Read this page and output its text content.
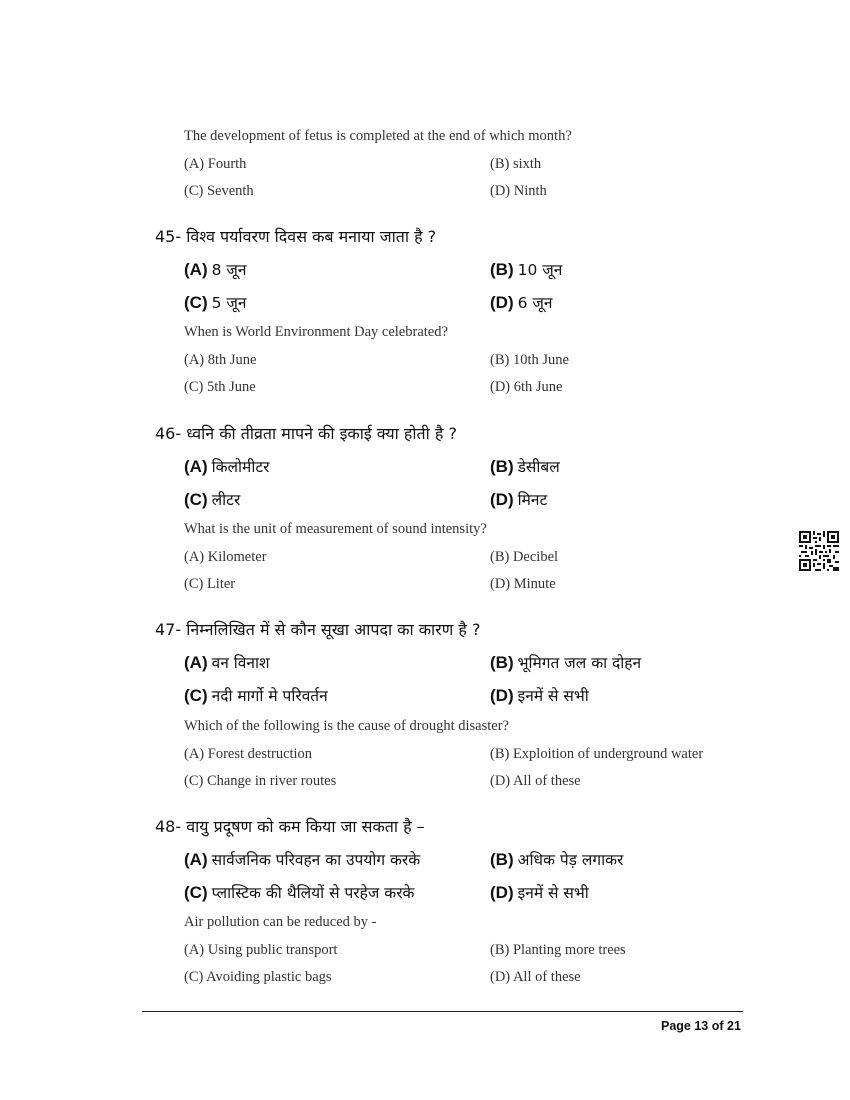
The development of fetus is completed at the end of which month?
(A) Fourth	(B) sixth
(C) Seventh	(D) Ninth
45- विश्व पर्यावरण दिवस कब मनाया जाता है ?
(A) 8 जून	(B) 10 जून
(C) 5 जून	(D) 6 जून
When is World Environment Day celebrated?
(A) 8th June	(B) 10th June
(C) 5th June	(D) 6th June
46- ध्वनि की तीव्रता मापने की इकाई क्या होती है ?
(A) किलोमीटर	(B) डेसीबल
(C) लीटर	(D) मिनट
What is the unit of measurement of sound intensity?
(A) Kilometer	(B) Decibel
(C) Liter	(D) Minute
47- निम्नलिखित में से कौन सूखा आपदा का कारण है ?
(A) वन विनाश	(B) भूमिगत जल का दोहन
(C) नदी मार्गो मे परिवर्तन	(D) इनमें से सभी
Which of the following is the cause of drought disaster?
(A) Forest destruction	(B) Exploition of underground water
(C) Change in river routes	(D) All of these
48- वायु प्रदूषण को कम किया जा सकता है –
(A) सार्वजनिक परिवहन का उपयोग करके	(B) अधिक पेड़ लगाकर
(C) प्लास्टिक की थैलियों से परहेज करके	(D) इनमें से सभी
Air pollution can be reduced by -
(A) Using public transport	(B) Planting more trees
(C) Avoiding plastic bags	(D) All of these
Page 13 of 21
